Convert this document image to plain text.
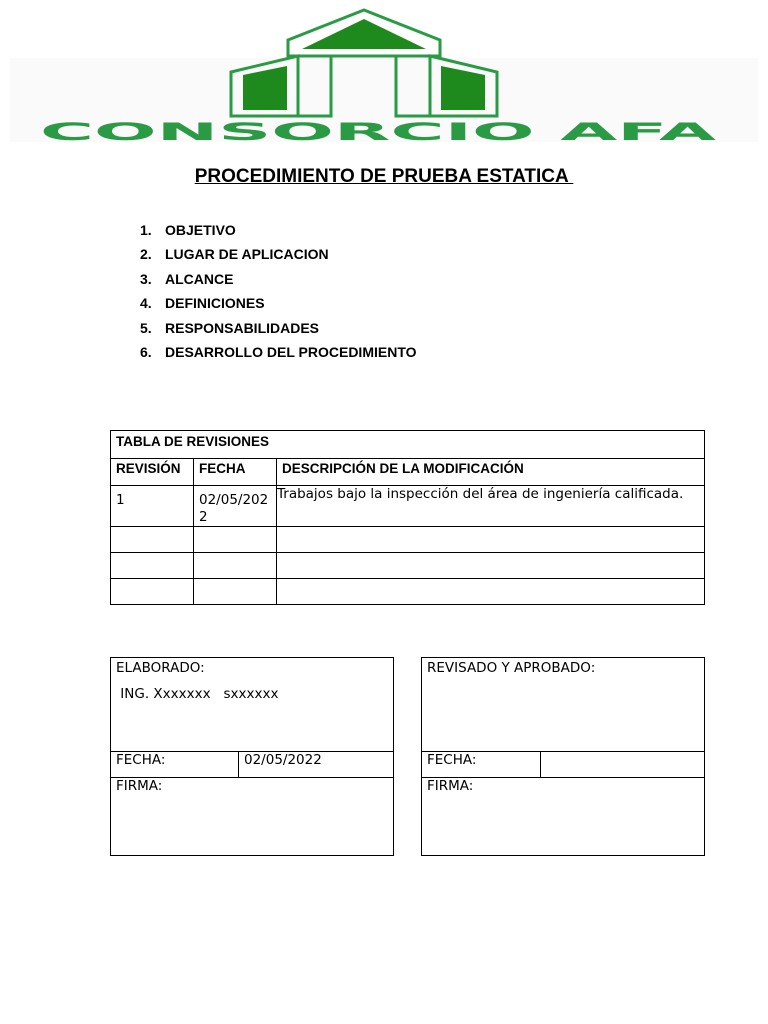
CONSORCIO AFA
PROCEDIMIENTO DE PRUEBA ESTATICA
1. OBJETIVO
2. LUGAR DE APLICACION
3. ALCANCE
4. DEFINICIONES
5. RESPONSABILIDADES
6. DESARROLLO DEL PROCEDIMIENTO
TABLA DE REVISIONES		
REVISIÓN	FECHA	DESCRIPCIÓN DE LA MODIFICACIÓN
1	02/05/2022	Trabajos bajo la inspección del área de ingeniería calificada.

ELABORADO:
ING. Xxxxxxx   sxxxxxx

FECHA:	02/05/2022
FIRMA:
REVISADO Y APROBADO:
FECHA:	
FIRMA:
